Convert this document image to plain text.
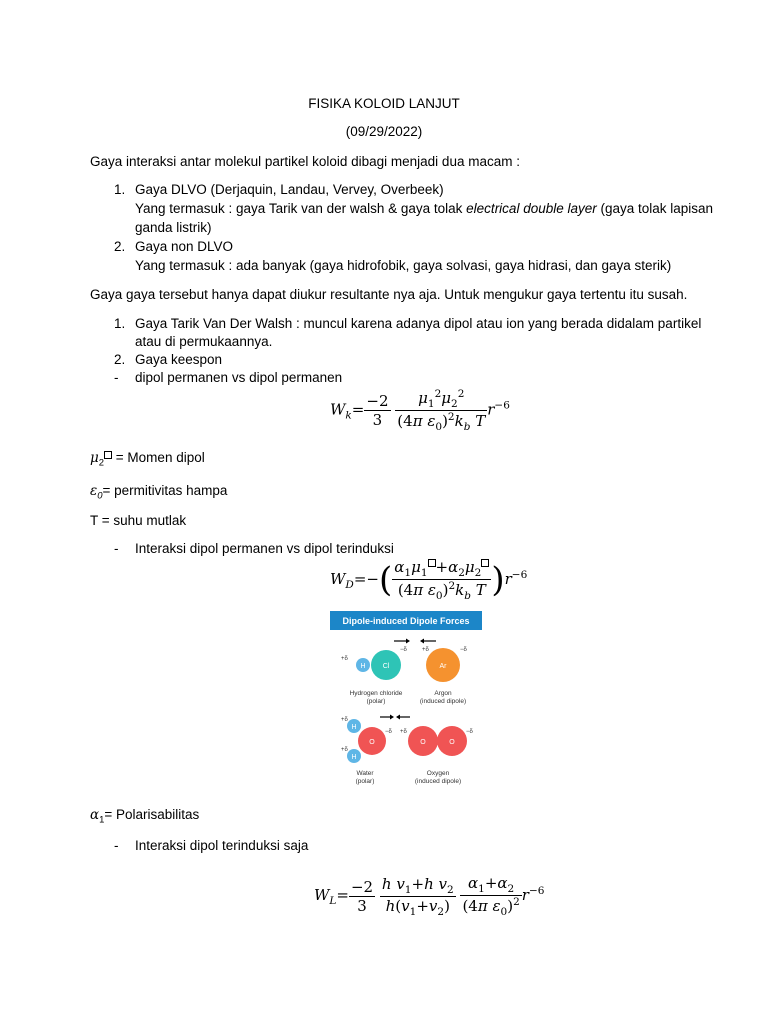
FISIKA KOLOID LANJUT
(09/29/2022)
Gaya interaksi antar molekul partikel koloid dibagi menjadi dua macam :
1. Gaya DLVO (Derjaquin, Landau, Vervey, Overbeek)
Yang termasuk : gaya Tarik van der walsh & gaya tolak electrical double layer (gaya tolak lapisan
ganda listrik)
2. Gaya non DLVO
Yang termasuk : ada banyak (gaya hidrofobik, gaya solvasi, gaya hidrasi, dan gaya sterik)
Gaya gaya tersebut hanya dapat diukur resultante nya aja. Untuk mengukur gaya tertentu itu susah.
1. Gaya Tarik Van Der Walsh : muncul karena adanya dipol atau ion yang berada didalam partikel
atau di permukaannya.
2. Gaya keespon
- dipol permanen vs dipol permanen
$W_k= \frac{-2}{3}$
$\frac{\mu_1^2\mu_2^2}{(4\pi \varepsilon_0)^2k_b T} r^{-6}$
$\mu_2$ = Momen dipol
$\varepsilon_0=$ permitivitas hampa
T = suhu mutlak
- Interaksi dipol permanen vs dipol terinduksi
$W_D=-( \frac{\alpha_1\mu_1 +\alpha_2\mu_2}{(4\pi \varepsilon_0)^2k_b T} )r^{-6}$
Dipole-induced Dipole Forces
−δ	+δ
+δ
H Cl	Ar
−δ
Hydrogen chloride
(polar)
Argon
(induced dipole)
−δ +δ	−δ
+δ
+δ
H
H
O	O	O
Water
(polar)
Oxygen
(induced dipole)
$\alpha_1=$ Polarisabilitas
- Interaksi dipol terinduksi saja
$W_L= \frac{-2}{3}$
$\frac{h v_1+h v_2}{h(v_1+v_2)}$
$\frac{\alpha_1+\alpha_2}{(4\pi \varepsilon_0)^2} r^{-6}$
